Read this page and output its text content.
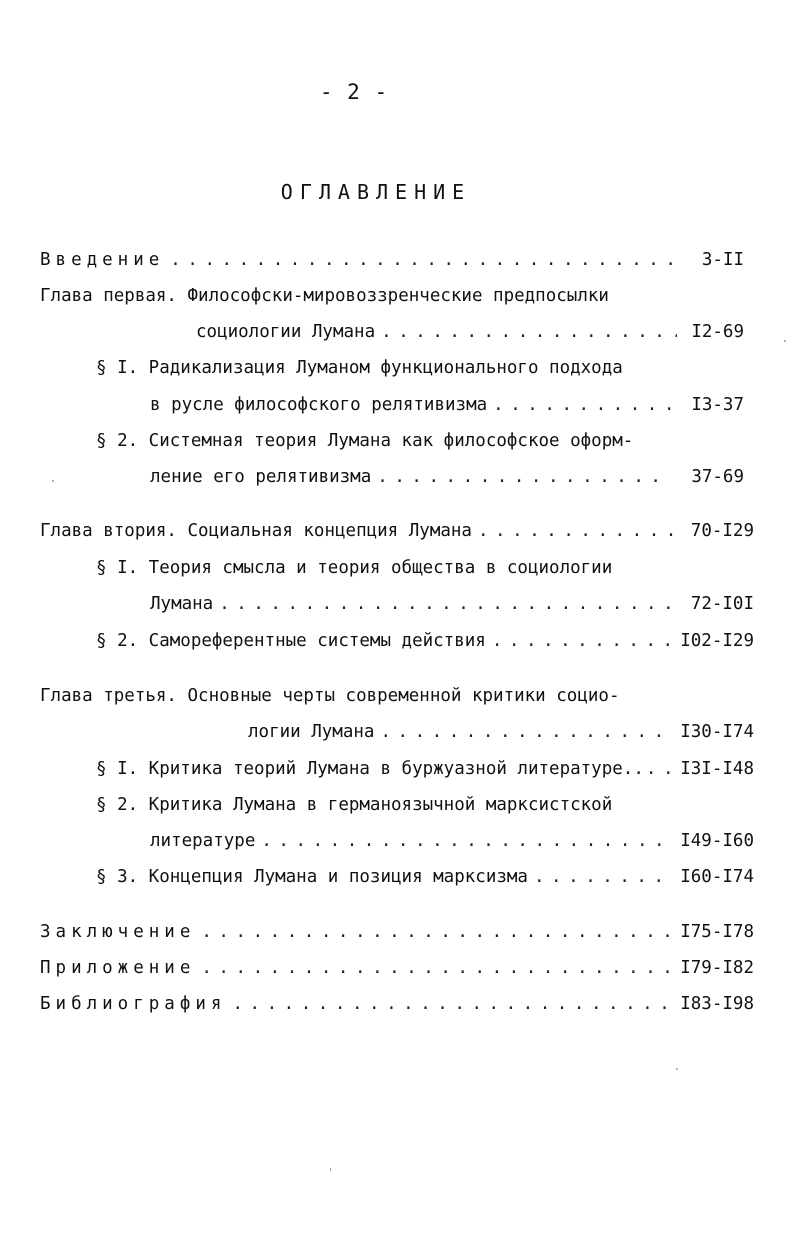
- 2 -
ОГЛАВЛЕНИЕ
Введение . . .	3-II
Глава первая. Философски-мировоззренческие предпосылки
социологии Лумана . . .	I2-69
§ I. Радикализация Луманом функционального подхода
в русле философского релятивизма . . .	I3-37
§ 2. Системная теория Лумана как философское оформ-
ление его релятивизма . . .	37-69
Глава втория. Социальная концепция Лумана . . .	70-I29
§ I. Теория смысла и теория общества в социологии
Лумана . . .	72-I0I
§ 2. Самореферентные системы действия . . .	I02-I29
Глава третья. Основные черты современной критики социо-
логии Лумана . . .	I30-I74
§ I. Критика теорий Лумана в буржуазной литературе.. . . . I3I-I48
§ 2. Критика Лумана в германоязычной марксистской
литературе . . .	I49-I60
§ 3. Концепция Лумана и позиция марксизма . . .	I60-I74
Заключение . . .	I75-I78
Приложение . . .	I79-I82
Библиография . . .	I83-I98
